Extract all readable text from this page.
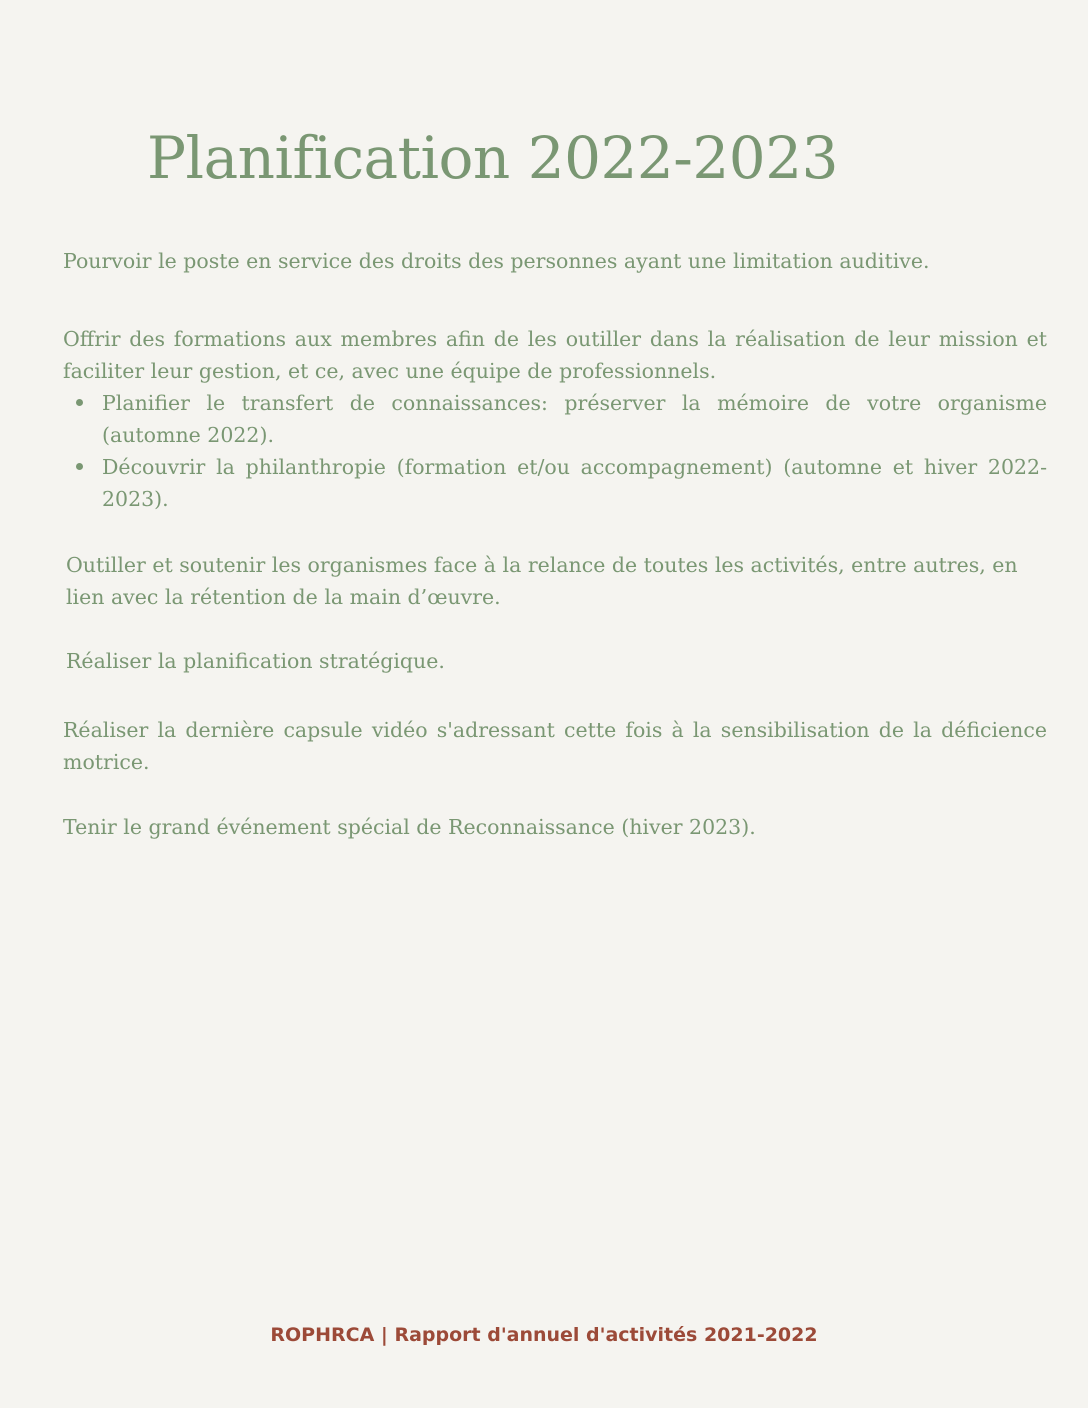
Planification 2022-2023

Pourvoir le poste en service des droits des personnes ayant une limitation auditive.

Offrir des formations aux membres afin de les outiller dans la réalisation de leur mission et faciliter leur gestion, et ce, avec une équipe de professionnels.

Planifier le transfert de connaissances: préserver la mémoire de votre organisme (automne 2022).
Découvrir la philanthropie (formation et/ou accompagnement) (automne et hiver 2022-2023).

Outiller et soutenir les organismes face à la relance de toutes les activités, entre autres, en lien avec la rétention de la main d’œuvre.

Réaliser la planification stratégique.

Réaliser la dernière capsule vidéo s'adressant cette fois à la sensibilisation de la déficience motrice.

Tenir le grand événement spécial de Reconnaissance (hiver 2023).

ROPHRCA | Rapport d'annuel d'activités 2021-2022
